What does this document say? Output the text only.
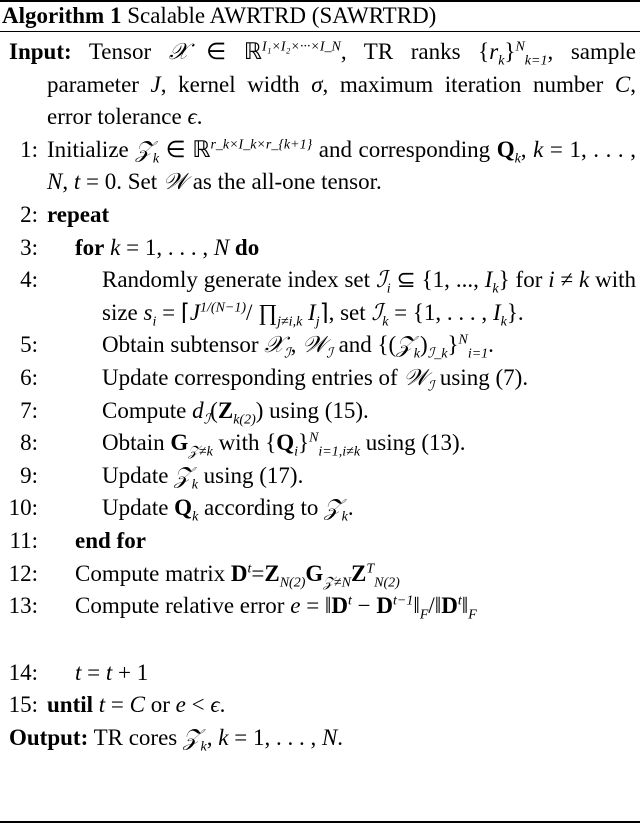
Algorithm 1 Scalable AWRTRD (SAWRTRD)
Input: Tensor 𝒳 ∈ ℝ$^{I_1\times I_2\times\cdot\cdot\cdot\times I\_N}$, TR ranks $\{r_k\}^N_{k=1}$, sample parameter J, kernel width σ, maximum iteration number C, error tolerance ϵ.
1: Initialize 𝒵$_k$ ∈ ℝ$^{r\_k\times I\_k\times r\_\{k+1\}}$ and corresponding $Q_k$, k = 1, . . . , N, t = 0. Set 𝒲 as the all-one tensor.
2: repeat
3:	for k = 1, . . . , N do
4:	Randomly generate index set ℐ$_i$ ⊆ {1, ..., $I_k$} for i ≠ k with size $s_i$ = $⌈J^{1/(N-1)}/$ $\prod_{j\ne i,k}$ $I_j⌉$, set ℐ$_k$ = {1, . . . , $I_k$}.
5:	Obtain subtensor 𝒳$_ℐ$, 𝒲$_ℐ$ and $\{(𝒵_k)_{ℐ\_k}\}^N_{i=1}$.
6:	Update corresponding entries of 𝒲$_ℐ$ using (7).
7:	Compute $d_ℐ(Z_{k(2)})$ using (15).
8:	Obtain $G_{𝒵\ne k}$ with $\{Q_i\}^N_{i=1,i\ne k}$ using (13).
9:	Update 𝒵$_k$ using (17).
10:	Update $Q_k$ according to 𝒵$_k$.
11:	end for
12:	Compute matrix $D^t=Z_{N(2)}G_{𝒵\ne N}Z^T_{N(2)}$
13:	Compute relative error $e = ‖D^t$ − $D^{t-1}‖_F/‖D^t‖_F$
14:	t = t + 1
15: until t = C or e < ϵ.
Output: TR cores 𝒵$_k$, k = 1, . . . , N.
